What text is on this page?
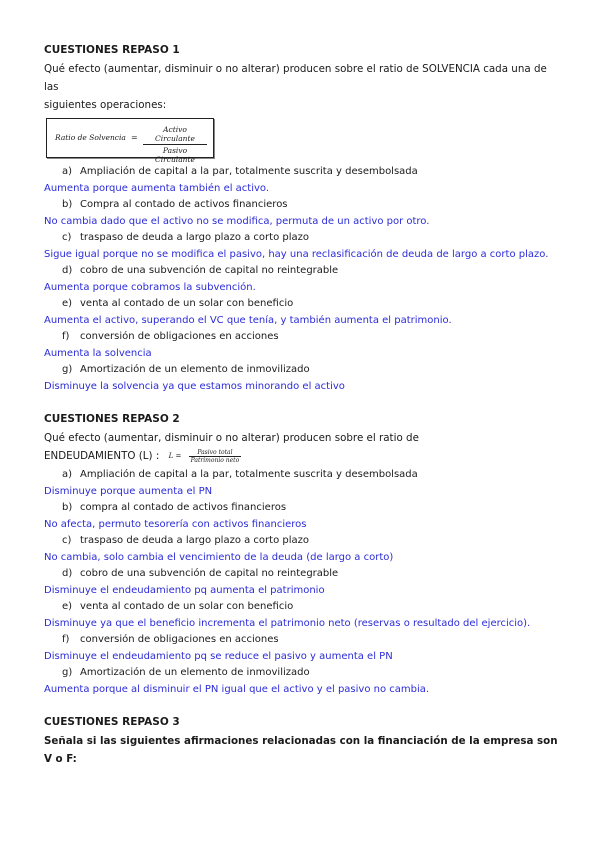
CUESTIONES REPASO 1
Qué efecto (aumentar, disminuir o no alterar) producen sobre el ratio de SOLVENCIA cada una de las
siguientes operaciones:
Ratio de Solvencia =
Activo Circulante
Pasivo Circulante
a) Ampliación de capital a la par, totalmente suscrita y desembolsada
Aumenta porque aumenta también el activo.
b) Compra al contado de activos financieros
No cambia dado que el activo no se modifica, permuta de un activo por otro.
c) traspaso de deuda a largo plazo a corto plazo
Sigue igual porque no se modifica el pasivo, hay una reclasificación de deuda de largo a corto plazo.
d) cobro de una subvención de capital no reintegrable
Aumenta porque cobramos la subvención.
e) venta al contado de un solar con beneficio
Aumenta el activo, superando el VC que tenía, y también aumenta el patrimonio.
f) conversión de obligaciones en acciones
Aumenta la solvencia
g) Amortización de un elemento de inmovilizado
Disminuye la solvencia ya que estamos minorando el activo
CUESTIONES REPASO 2
Qué efecto (aumentar, disminuir o no alterar) producen sobre el ratio de
ENDEUDAMIENTO (L) : $L = \frac{\text{Pasivo total}}{\text{Patrimonio neto}}$
a) Ampliación de capital a la par, totalmente suscrita y desembolsada
Disminuye porque aumenta el PN
b) compra al contado de activos financieros
No afecta, permuto tesorería con activos financieros
c) traspaso de deuda a largo plazo a corto plazo
No cambia, solo cambia el vencimiento de la deuda (de largo a corto)
d) cobro de una subvención de capital no reintegrable
Disminuye el endeudamiento pq aumenta el patrimonio
e) venta al contado de un solar con beneficio
Disminuye ya que el beneficio incrementa el patrimonio neto (reservas o resultado del ejercicio).
f) conversión de obligaciones en acciones
Disminuye el endeudamiento pq se reduce el pasivo y aumenta el PN
g) Amortización de un elemento de inmovilizado
Aumenta porque al disminuir el PN igual que el activo y el pasivo no cambia.
CUESTIONES REPASO 3
Señala si las siguientes afirmaciones relacionadas con la financiación de la empresa son V o F:
